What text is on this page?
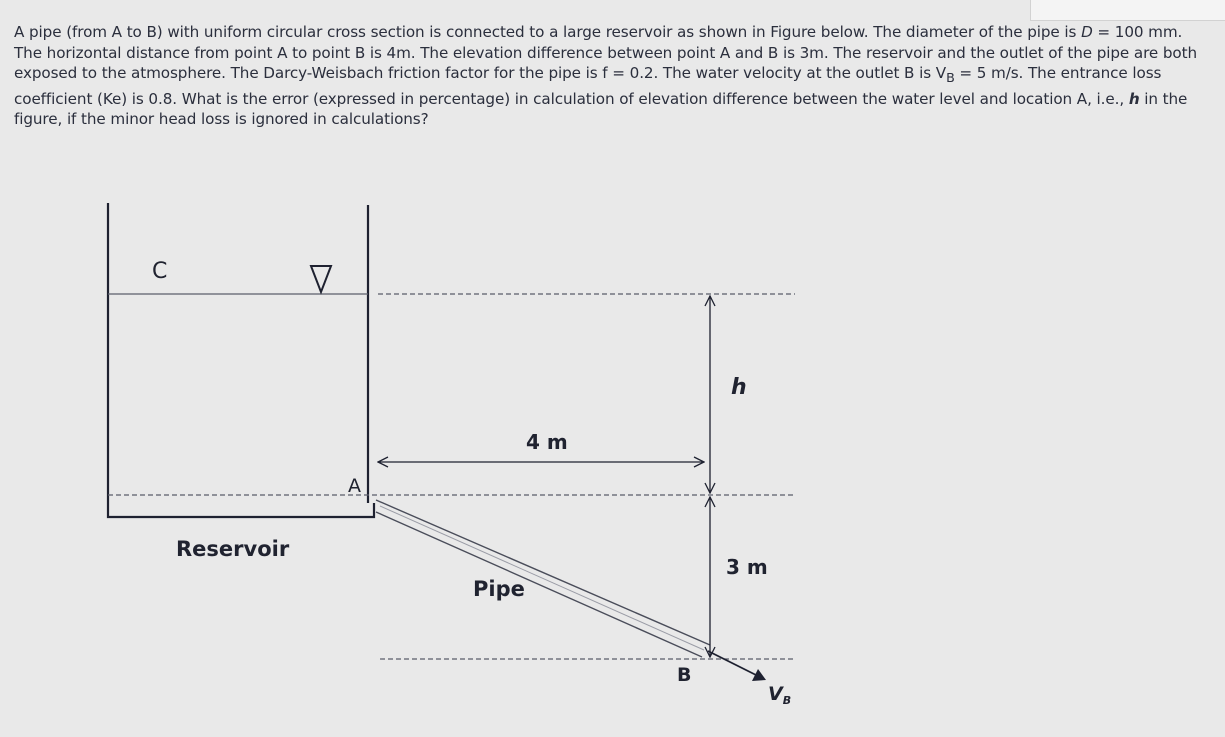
A pipe (from A to B) with uniform circular cross section is connected to a large reservoir as shown in Figure below. The diameter of the pipe is D = 100 mm. The horizontal distance from point A to point B is 4m. The elevation difference between point A and B is 3m. The reservoir and the outlet of the pipe are both exposed to the atmosphere. The Darcy-Weisbach friction factor for the pipe is f = 0.2. The water velocity at the outlet B is $V_B = 5$ m/s. The entrance loss coefficient (Ke) is 0.8. What is the error (expressed in percentage) in calculation of elevation difference between the water level and location A, i.e., h in the figure, if the minor head loss is ignored in calculations?
C
A
Reservoir
Pipe
4 m
h
3 m
B
$V_B$
